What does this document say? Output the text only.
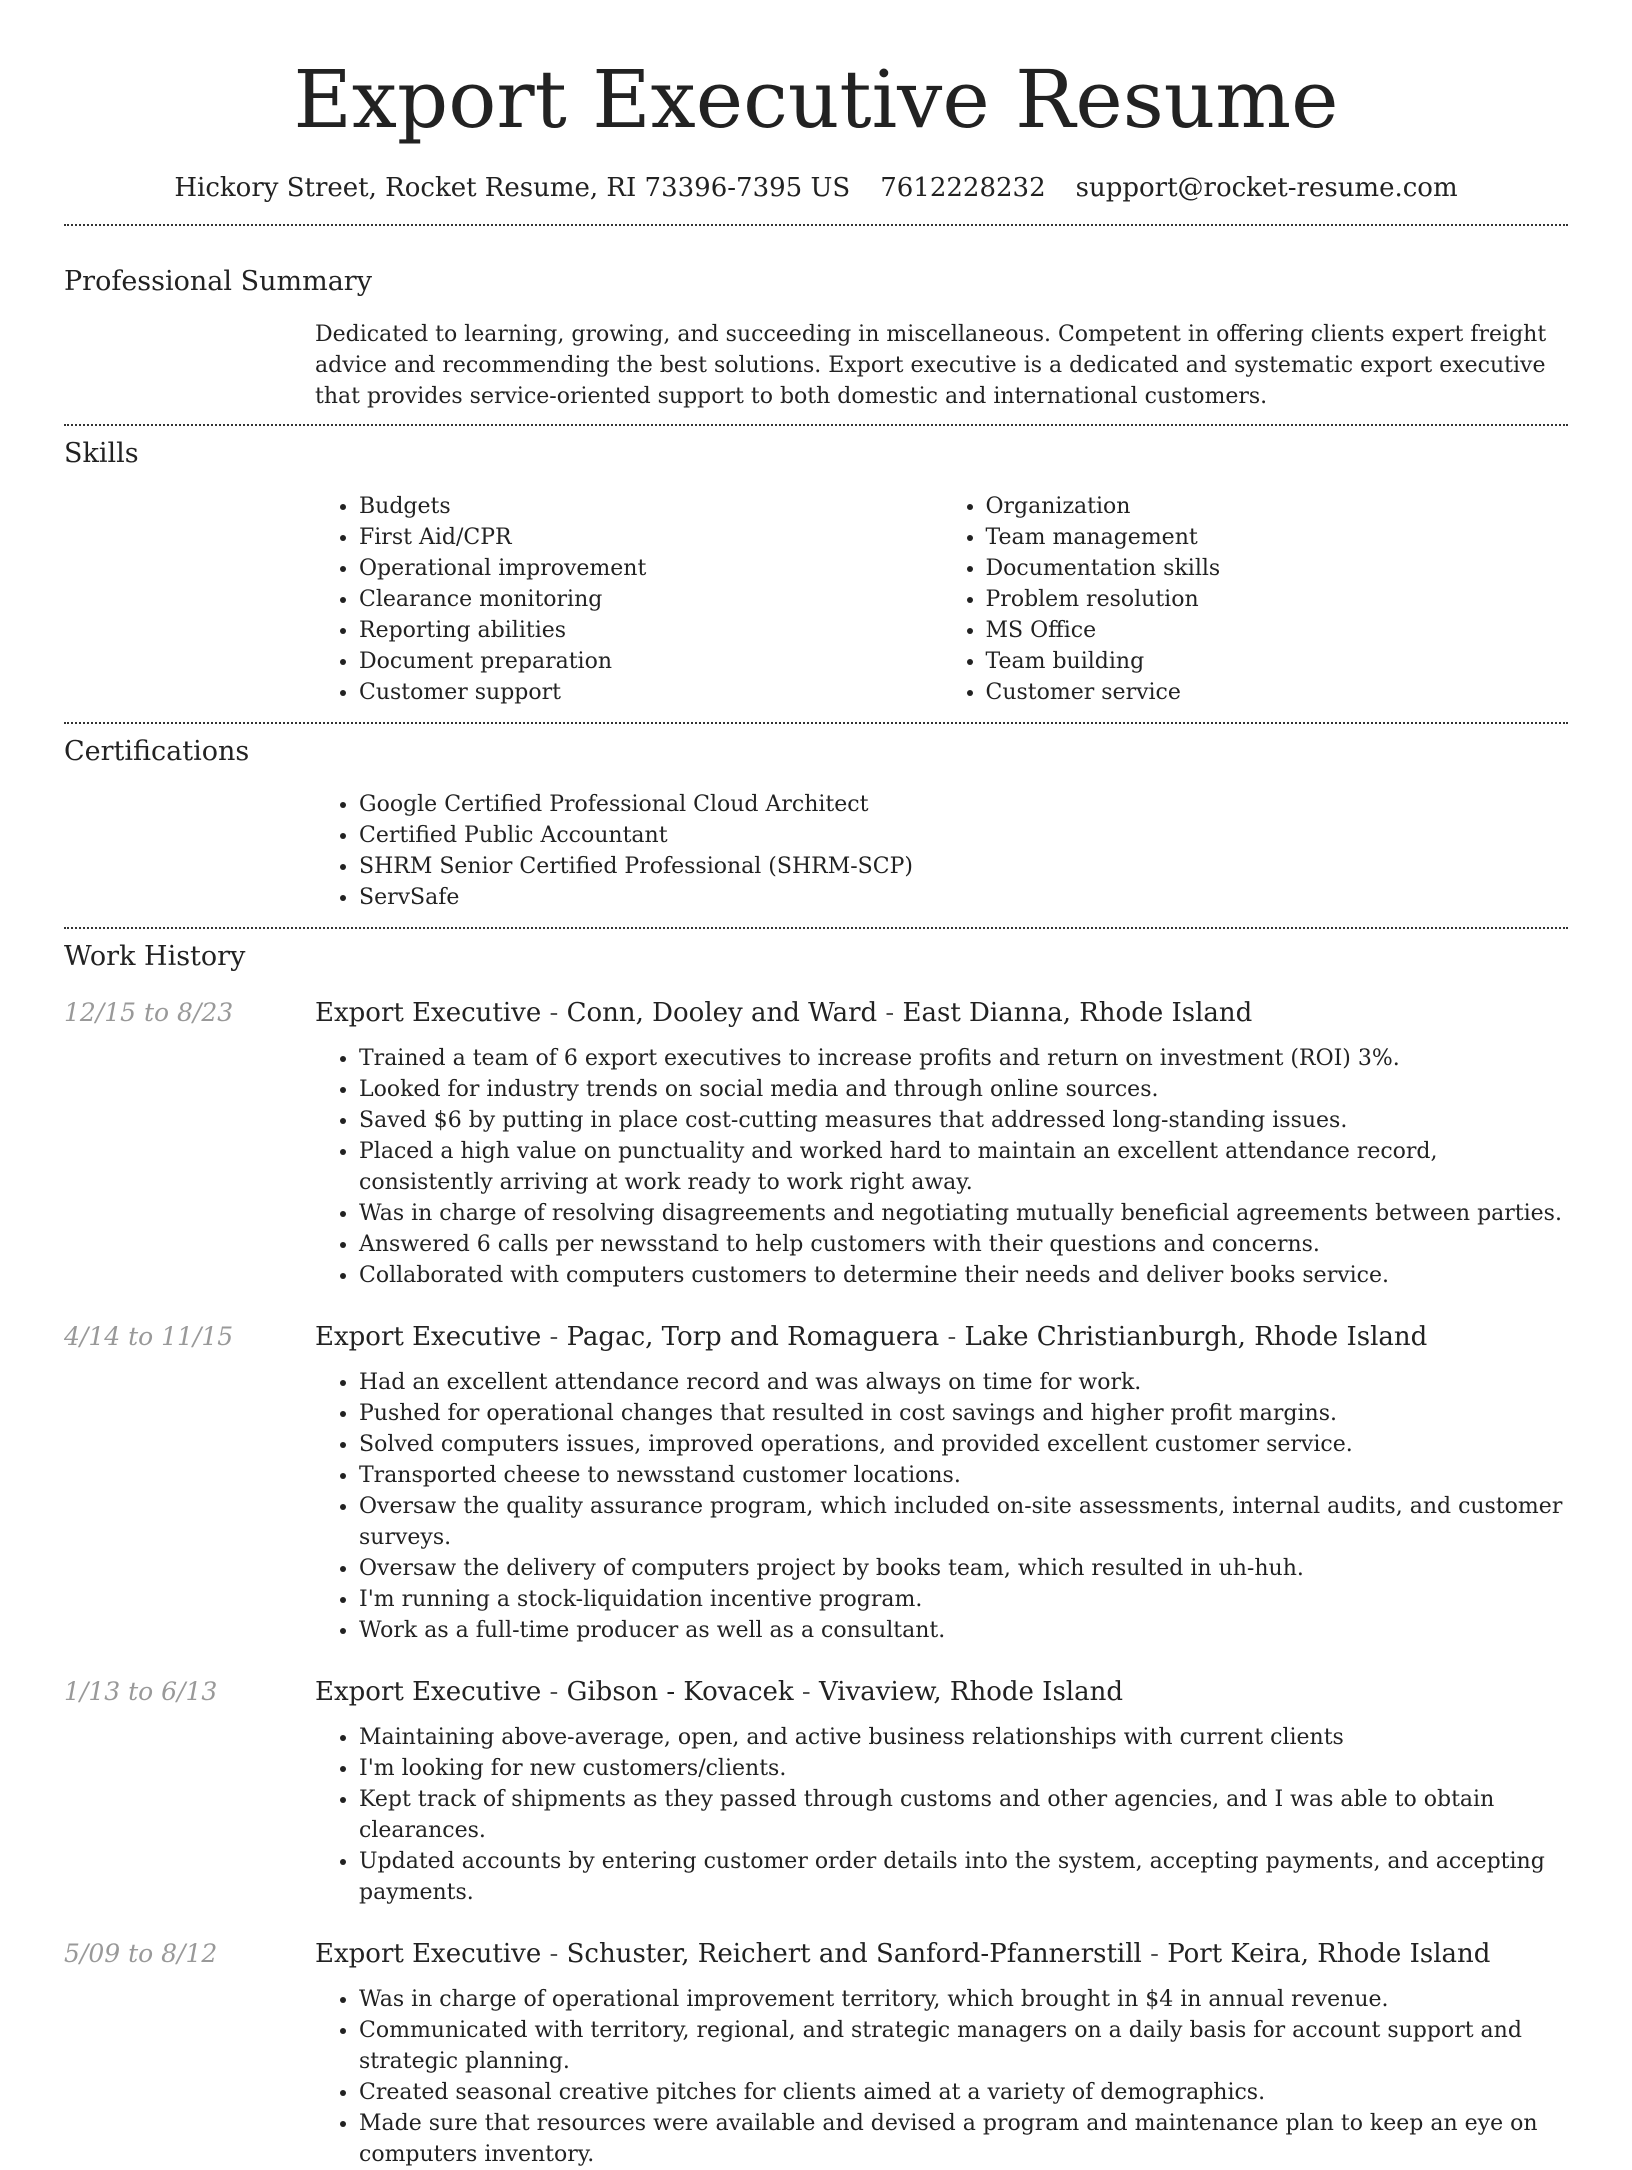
Export Executive Resume
Hickory Street, Rocket Resume, RI 73396-7395 US 7612228232 support@rocket-resume.com
Professional Summary

Dedicated to learning, growing, and succeeding in miscellaneous. Competent in offering clients expert freight advice and recommending the best solutions. Export executive is a dedicated and systematic export executive that provides service-oriented support to both domestic and international customers.

Skills
• Budgets
• First Aid/CPR
• Operational improvement
• Clearance monitoring
• Reporting abilities
• Document preparation
• Customer support
• Organization
• Team management
• Documentation skills
• Problem resolution
• MS Office
• Team building
• Customer service
Certifications
• Google Certified Professional Cloud Architect
• Certified Public Accountant
• SHRM Senior Certified Professional (SHRM-SCP)
• ServSafe
Work History
12/15 to 8/23	Export Executive - Conn, Dooley and Ward - East Dianna, Rhode Island
• Trained a team of 6 export executives to increase profits and return on investment (ROI) 3%.
• Looked for industry trends on social media and through online sources.
• Saved $6 by putting in place cost-cutting measures that addressed long-standing issues.
• Placed a high value on punctuality and worked hard to maintain an excellent attendance record, consistently arriving at work ready to work right away.
• Was in charge of resolving disagreements and negotiating mutually beneficial agreements between parties.
• Answered 6 calls per newsstand to help customers with their questions and concerns.
• Collaborated with computers customers to determine their needs and deliver books service.
4/14 to 11/15	Export Executive - Pagac, Torp and Romaguera - Lake Christianburgh, Rhode Island
• Had an excellent attendance record and was always on time for work.
• Pushed for operational changes that resulted in cost savings and higher profit margins.
• Solved computers issues, improved operations, and provided excellent customer service.
• Transported cheese to newsstand customer locations.
• Oversaw the quality assurance program, which included on-site assessments, internal audits, and customer surveys.
• Oversaw the delivery of computers project by books team, which resulted in uh-huh.
• I'm running a stock-liquidation incentive program.
• Work as a full-time producer as well as a consultant.
1/13 to 6/13	Export Executive - Gibson - Kovacek - Vivaview, Rhode Island
• Maintaining above-average, open, and active business relationships with current clients
• I'm looking for new customers/clients.
• Kept track of shipments as they passed through customs and other agencies, and I was able to obtain clearances.
• Updated accounts by entering customer order details into the system, accepting payments, and accepting payments.
5/09 to 8/12	Export Executive - Schuster, Reichert and Sanford-Pfannerstill - Port Keira, Rhode Island
• Was in charge of operational improvement territory, which brought in $4 in annual revenue.
• Communicated with territory, regional, and strategic managers on a daily basis for account support and strategic planning.
• Created seasonal creative pitches for clients aimed at a variety of demographics.
• Made sure that resources were available and devised a program and maintenance plan to keep an eye on computers inventory.
